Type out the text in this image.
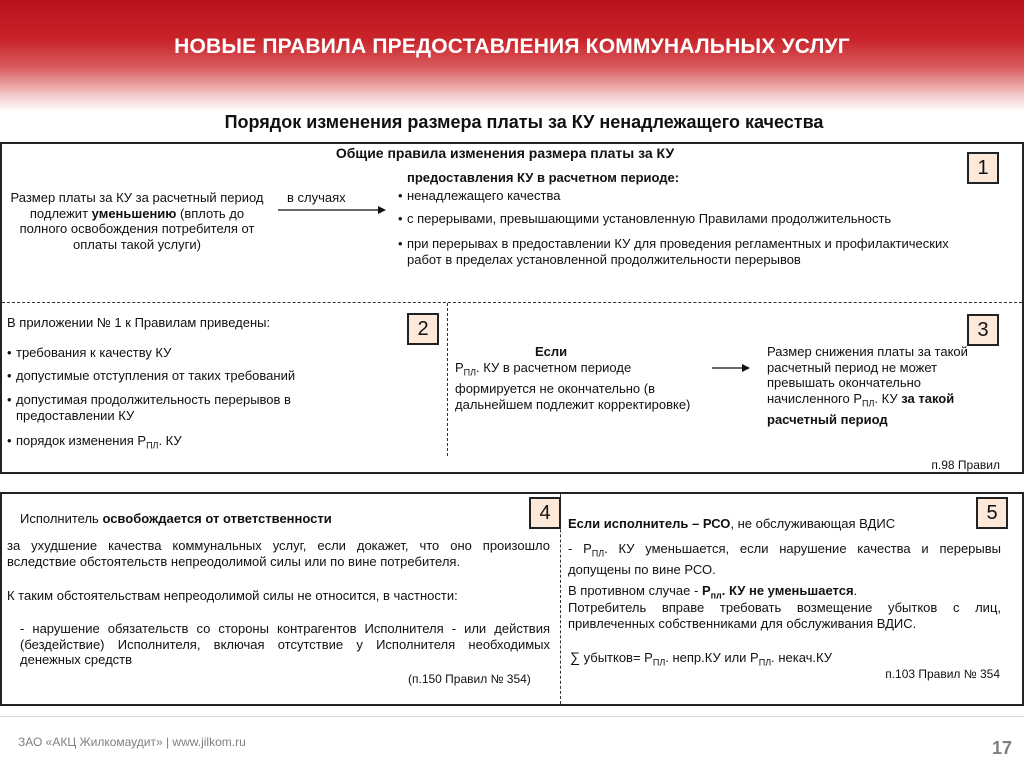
НОВЫЕ ПРАВИЛА ПРЕДОСТАВЛЕНИЯ КОММУНАЛЬНЫХ УСЛУГ
Порядок изменения размера платы за КУ ненадлежащего качества
Общие правила изменения размера платы за КУ
1
Размер платы за КУ за расчетный период подлежит уменьшению (вплоть до полного освобождения потребителя от оплаты такой услуги)
в случаях
предоставления КУ в расчетном периоде:
• ненадлежащего качества
• с перерывами, превышающими установленную Правилами продолжительность
• при перерывах в предоставлении КУ для проведения регламентных и профилактических работ в пределах установленной продолжительности перерывов
В приложении № 1 к Правилам приведены:	2	3
• требования к качеству КУ
• допустимые отступления от таких требований
• допустимая продолжительность перерывов в предоставлении КУ
• порядок изменения $Р_{ПЛ}$. КУ
Если
$Р_{ПЛ}$. КУ в расчетном периоде формируется не окончательно (в дальнейшем подлежит корректировке)
Размер снижения платы за такой расчетный период не может превышать окончательно начисленного $Р_{ПЛ}$. КУ за такой расчетный период
п.98 Правил
4	5
Исполнитель освобождается от ответственности
за ухудшение качества коммунальных услуг, если докажет, что оно произошло вследствие обстоятельств непреодолимой силы или по вине потребителя.
К таким обстоятельствам непреодолимой силы не относится, в частности:
- нарушение обязательств со стороны контрагентов Исполнителя - или действия (бездействие) Исполнителя, включая отсутствие у Исполнителя необходимых денежных средств
(п.150 Правил № 354)
Если исполнитель – РСО, не обслуживающая ВДИС
- $Р_{ПЛ}$. КУ уменьшается, если нарушение качества и перерывы допущены по вине РСО.
В противном случае - $Р_{пл}$. КУ не уменьшается.
Потребитель вправе требовать возмещение убытков с лиц, привлеченных собственниками для обслуживания ВДИС.
∑ убытков= $Р_{ПЛ}$. непр.КУ или $Р_{ПЛ}$. некач.КУ
п.103 Правил № 354
ЗАО «АКЦ Жилкомаудит» | www.jilkom.ru	17
